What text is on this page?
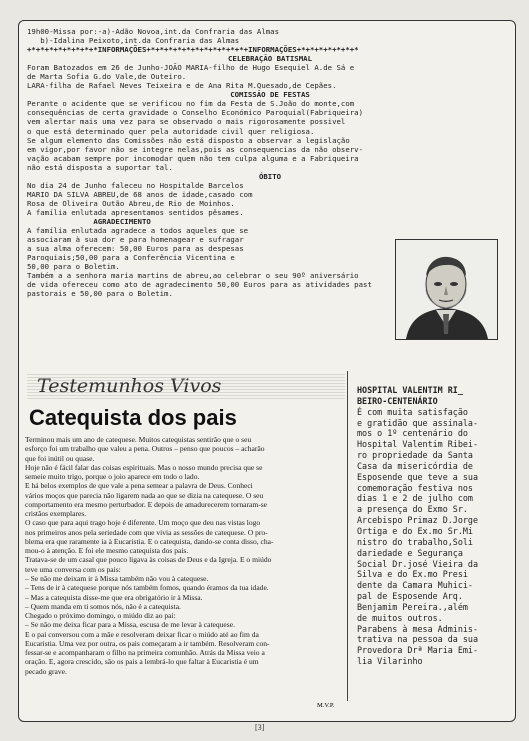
19h00-Missa por:-a)-Adão Novoa,int.da Confraria das Almas
b)-Idalina Peixoto,int.da Confraria das Almas
+*+*+*+*+*+*+*+*INFORMAÇÕES+*+*+*+*+*+*+*+*+*+*+*+INFORMAÇÕES+*+*+*+*+*+*+*
CELEBRAÇÃO BATISMAL
Foram Batozados em 26 de Junho-JOÃO MARIA-filho de Hugo Esequiel A.de Sá e
de Marta Sofia G.do Vale,de Outeiro.
LARA-filha de Rafael Neves Teixeira e de Ana Rita M.Quesado,de Cepães.
COMISSÃO DE FESTAS
Perante o acidente que se verificou no fim da Festa de S.João do monte,com
consequências de certa gravidade o Conselho Económico Paroquial(Fabriqueira)
vem alertar mais uma vez para se observado o mais rigorosamente possivel
o que está determinado quer pela autoridade civil quer religiosa.
Se algum elemento das Comissões não está disposto a observar a legislação
em vigor,por favor não se integre nelas,pois as consequencias da não observ-
vação acabam sempre por incomodar quem não tem culpa alguma e a Fabriqueira
não está disposta a suportar tal.
ÓBITO
No dia 24 de Junho faleceu no Hospitalde Barcelos
MARIO DA SILVA ABREU,de 68 anos de idade,casado com
Rosa de Oliveira Outão Abreu,de Rio de Moinhos.
A família enlutada apresentamos sentidos pêsames.
AGRADECIMENTO
A família enlutada agradece a todos aqueles que se
associaram à sua dor e para homenagear e sufragar
a sua alma oferecem: 50,00 Euros para as despesas
Paroquiais;50,00 para a Conferência Vicentina e
50,00 para o Boletim.
Também a a senhora maria martins de abreu,ao celebrar o seu 90º aniversário
de vida ofereceu como ato de agradecimento 50,00 Euros para as atividades past
pastorais e 50,00 para o Boletim.
Testemunhos Vivos
Catequista dos pais
Terminou mais um ano de catequese. Muitos catequistas sentirão que o seu
esforço foi um trabalho que valeu a pena. Outros – penso que poucos – acharão
que foi inútil ou quase.
Hoje não é fácil falar das coisas espirituais. Mas o nosso mundo precisa que se
semeie muito trigo, porque o joio aparece em todo o lado.
E há belos exemplos de que vale a pena semear a palavra de Deus. Conheci
vários moços que parecia não ligarem nada ao que se dizia na catequese. O seu
comportamento era mesmo perturbador. E depois de amadurecerem tornaram-se
cristãos exemplares.
O caso que para aqui trago hoje é diferente. Um moço que deu nas vistas logo
nos primeiros anos pela seriedade com que vivia as sessões de catequese. O pro-
blema era que raramente ia à Eucaristia. E o catequista, dando-se conta disso, cha-
mou-o à atenção. E foi ele mesmo catequista dos pais.
Tratava-se de um casal que pouco ligava às coisas de Deus e da Igreja. E o miúdo
teve uma conversa com os pais:
– Se não me deixam ir à Missa também não vou à catequese.
– Tens de ir à catequese porque nós também fomos, quando éramos da tua idade.
– Mas a catequista disse-me que era obrigatório ir à Missa.
– Quem manda em ti somos nós, não é a catequista.
Chegado o próximo domingo, o miúdo diz ao pai:
– Se não me deixa ficar para a Missa, escusa de me levar à catequese.
E o pai conversou com a mãe e resolveram deixar ficar o miúdo até ao fim da
Eucaristia. Uma vez por outra, os pais começaram a ir também. Resolveram con-
fessar-se e acompanharam o filho na primeira comunhão. Atrás da Missa veio a
oração. E, agora crescido, são os pais a lembrá-lo que faltar à Eucaristia é um
pecado grave.
M.V.P.
HOSPITAL VALENTIM RI_
BEIRO-CENTENÁRIO
É com muita satisfação
e gratidão que assinala-
mos o 1º centenário do
Hospital Valentim Ribei-
ro propriedade da Santa
Casa da misericórdia de
Esposende que teve a sua
comemoração festiva nos
dias 1 e 2 de julho com
a presença do Exmo Sr.
Arcebispo Primaz D.Jorge
Ortiga e do Ex.mo Sr.Mi
nistro do trabalho,Soli
dariedade e Segurança
Social Dr.josé Vieira da
Silva e do Ex.mo Presi
dente da Camara Muhici-
pal de Esposende Arq.
Benjamim Pereira.,além
de muitos outros.
Parabens à mesa Adminis-
trativa na pessoa da sua
Provedora Drª Maria Emi-
lia Vilarinho
[3]
